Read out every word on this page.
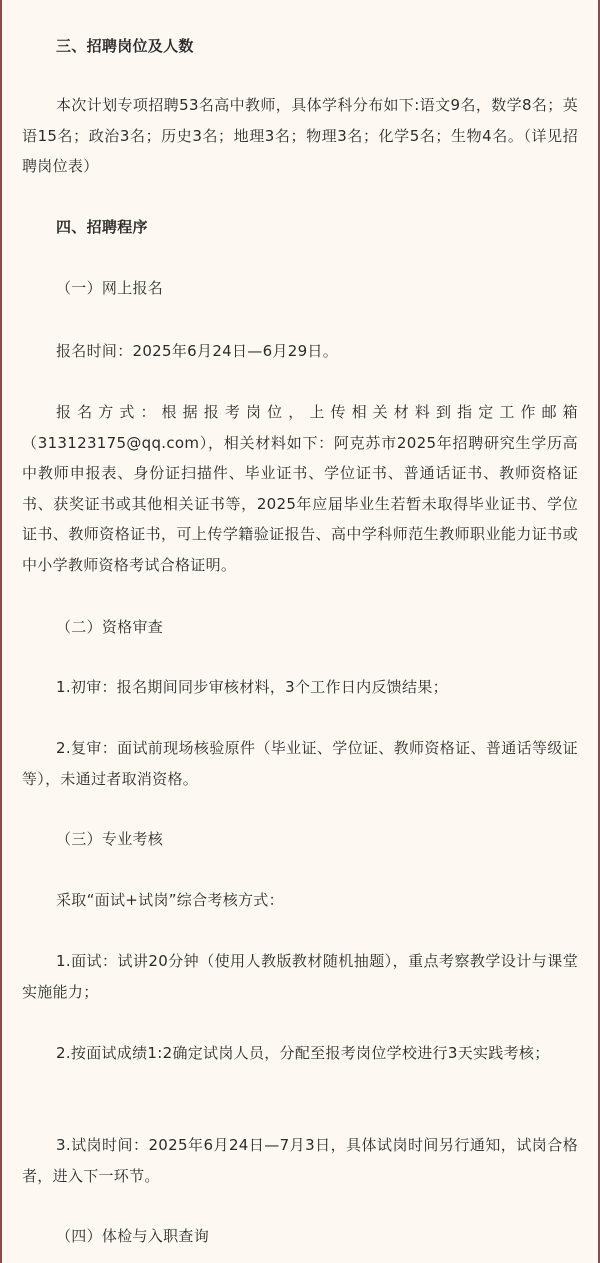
三、招聘岗位及人数

本次计划专项招聘53名高中教师，具体学科分布如下:语文9名，数学8名；英语15名；政治3名；历史3名；地理3名；物理3名；化学5名；生物4名。（详见招聘岗位表）

四、招聘程序

（一）网上报名

报名时间：2025年6月24日—6月29日。

报名方式：根据报考岗位，上传相关材料到指定工作邮箱（313123175@qq.com），相关材料如下：阿克苏市2025年招聘研究生学历高中教师申报表、身份证扫描件、毕业证书、学位证书、普通话证书、教师资格证书、获奖证书或其他相关证书等，2025年应届毕业生若暂未取得毕业证书、学位证书、教师资格证书，可上传学籍验证报告、高中学科师范生教师职业能力证书或中小学教师资格考试合格证明。

（二）资格审查

1.初审：报名期间同步审核材料，3个工作日内反馈结果；

2.复审：面试前现场核验原件（毕业证、学位证、教师资格证、普通话等级证等），未通过者取消资格。

（三）专业考核

采取“面试+试岗”综合考核方式：

1.面试：试讲20分钟（使用人教版教材随机抽题），重点考察教学设计与课堂实施能力；

2.按面试成绩1:2确定试岗人员，分配至报考岗位学校进行3天实践考核；

3.试岗时间：2025年6月24日—7月3日，具体试岗时间另行通知，试岗合格者，进入下一环节。

（四）体检与入职查询
